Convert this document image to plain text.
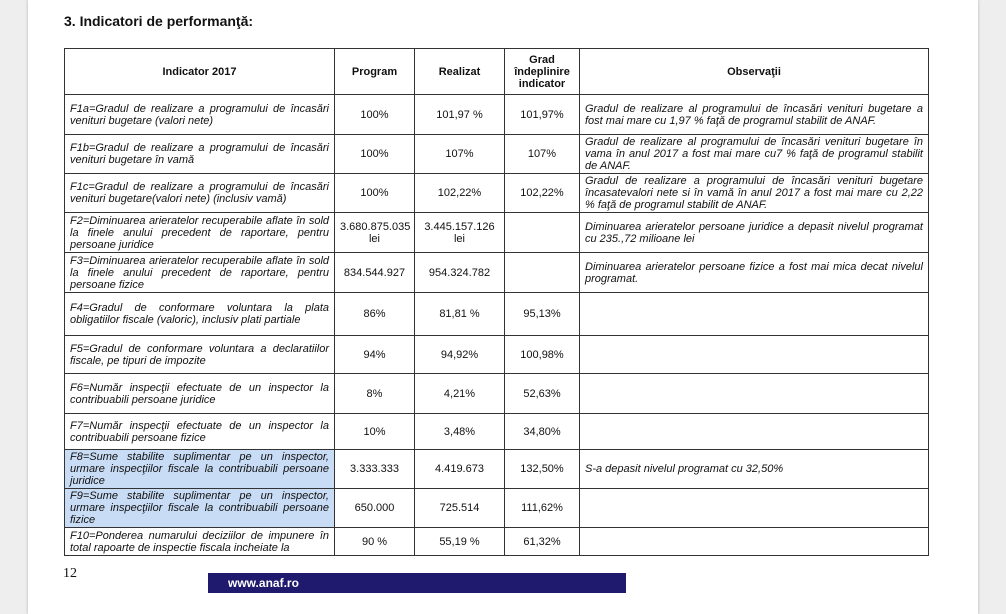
3. Indicatori de performanţă:
Indicator 2017	Program	Realizat	Grad îndeplinire indicator	Observaţii
F1a=Gradul de realizare a programului de încasări venituri bugetare (valori nete)	100%	101,97 %	101,97%	Gradul de realizare al programului de încasări venituri bugetare a fost mai mare cu 1,97 % faţă de programul stabilit de ANAF.
F1b=Gradul de realizare a programului de încasări venituri bugetare în vamă	100%	107%	107%	Gradul de realizare al programului de încasări venituri bugetare în vama în anul 2017 a fost mai mare cu7 % faţă de programul stabilit de ANAF.
F1c=Gradul de realizare a programului de încasări venituri bugetare(valori nete) (inclusiv vamă)	100%	102,22%	102,22%	Gradul de realizare a programului de încasări venituri bugetare încasatevalori nete si în vamă în anul 2017 a fost mai mare cu 2,22 % faţă de programul stabilit de ANAF.
F2=Diminuarea arieratelor recuperabile aflate în sold la finele anului precedent de raportare, pentru persoane juridice	3.680.875.035 lei	3.445.157.126 lei		Diminuarea arieratelor persoane juridice a depasit nivelul programat cu 235.,72 milioane lei
F3=Diminuarea arieratelor recuperabile aflate în sold la finele anului precedent de raportare, pentru persoane fizice	834.544.927	954.324.782		Diminuarea arieratelor persoane fizice a fost mai mica decat nivelul programat.
F4=Gradul de conformare voluntara la plata obligatiilor fiscale (valoric), inclusiv plati partiale	86%	81,81 %	95,13%	
F5=Gradul de conformare voluntara a declaratiilor fiscale, pe tipuri de impozite	94%	94,92%	100,98%	
F6=Număr inspecţii efectuate de un inspector la contribuabili persoane juridice	8%	4,21%	52,63%	
F7=Număr inspecţii efectuate de un inspector la contribuabili persoane fizice	10%	3,48%	34,80%	
F8=Sume stabilite suplimentar pe un inspector, urmare inspecţiilor fiscale la contribuabili persoane juridice	3.333.333	4.419.673	132,50%	S-a depasit nivelul programat cu 32,50%
F9=Sume stabilite suplimentar pe un inspector, urmare inspecţiilor fiscale la contribuabili persoane fizice	650.000	725.514	111,62%	
F10=Ponderea numarului deciziilor de impunere în total rapoarte de inspectie fiscala incheiate la	90 %	55,19 %	61,32%	
12
www.anaf.ro
